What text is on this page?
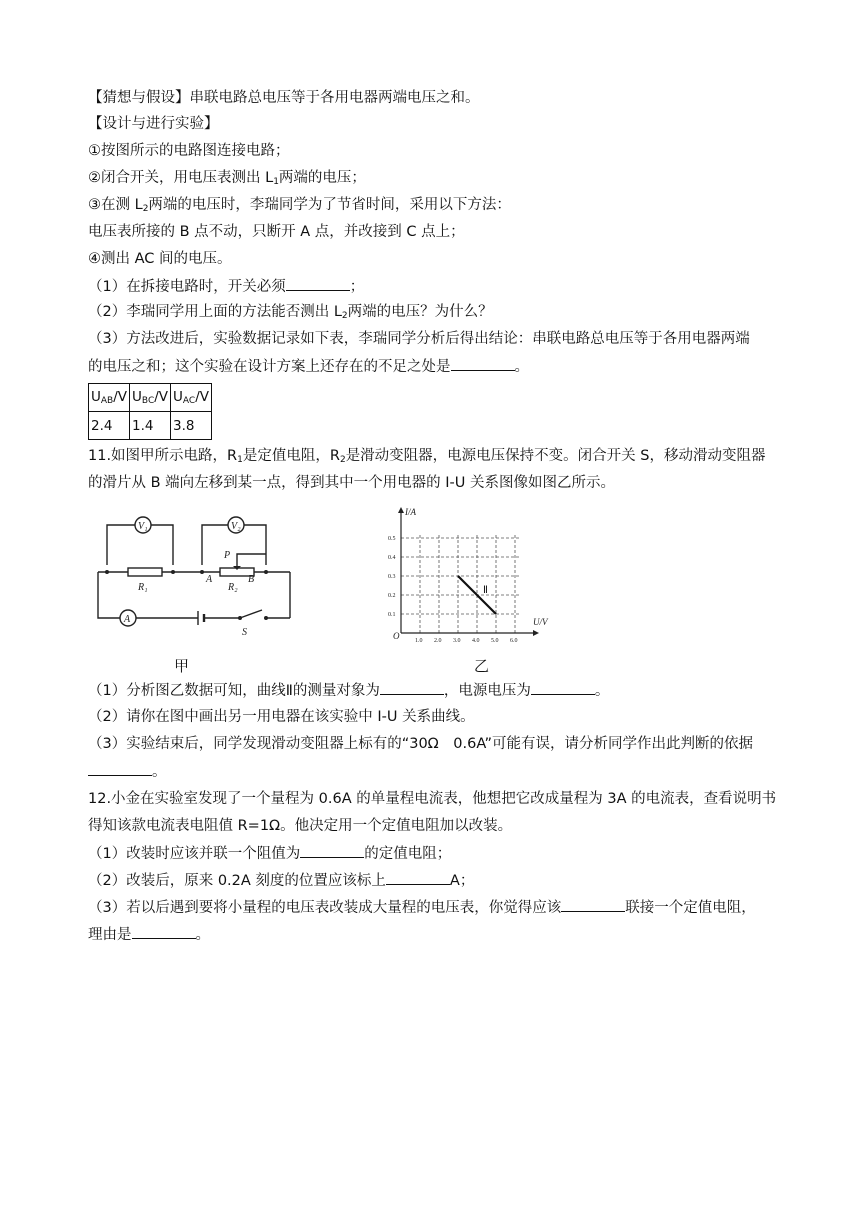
【猜想与假设】串联电路总电压等于各用电器两端电压之和。
【设计与进行实验】
①按图所示的电路图连接电路；
②闭合开关，用电压表测出 $L_1$两端的电压；
③在测 $L_2$两端的电压时，李瑞同学为了节省时间，采用以下方法：
电压表所接的 B 点不动，只断开 A 点，并改接到 C 点上；
④测出 AC 间的电压。
（1）在拆接电路时，开关必须	；
（2）李瑞同学用上面的方法能否测出 $L_2$两端的电压？为什么？
（3）方法改进后，实验数据记录如下表，李瑞同学分析后得出结论：串联电路总电压等于各用电器两端
的电压之和；这个实验在设计方案上还存在的不足之处是	。
$U_{AB}/V$	$U_{BC}/V$	$U_{AC}/V$
2.4	1.4	3.8
11.如图甲所示电路，$R_1$是定值电阻，$R_2$是滑动变阻器，电源电压保持不变。闭合开关 S，移动滑动变阻器
的滑片从 B 端向左移到某一点，得到其中一个用电器的 I-U 关系图像如图乙所示。
V₁	V₂
R₁	R₂
A	B
P
A
S
甲
1.0 2.0 3.0 4.0 5.0 6.0
0.1
0.2
0.3
0.4
0.5
Ⅱ
I/A
U/V
O
乙
（1）分析图乙数据可知，曲线Ⅱ的测量对象为	，电源电压为	。
（2）请你在图中画出另一用电器在该实验中 I-U 关系曲线。
（3）实验结束后，同学发现滑动变阻器上标有的“30Ω　0.6A”可能有误，请分析同学作出此判断的依据
。
12.小金在实验室发现了一个量程为 0.6A 的单量程电流表，他想把它改成量程为 3A 的电流表，查看说明书
得知该款电流表电阻值 R=1Ω。他决定用一个定值电阻加以改装。
（1）改装时应该并联一个阻值为	的定值电阻；
（2）改装后，原来 0.2A 刻度的位置应该标上	A；
（3）若以后遇到要将小量程的电压表改装成大量程的电压表，你觉得应该	联接一个定值电阻，
理由是	。
